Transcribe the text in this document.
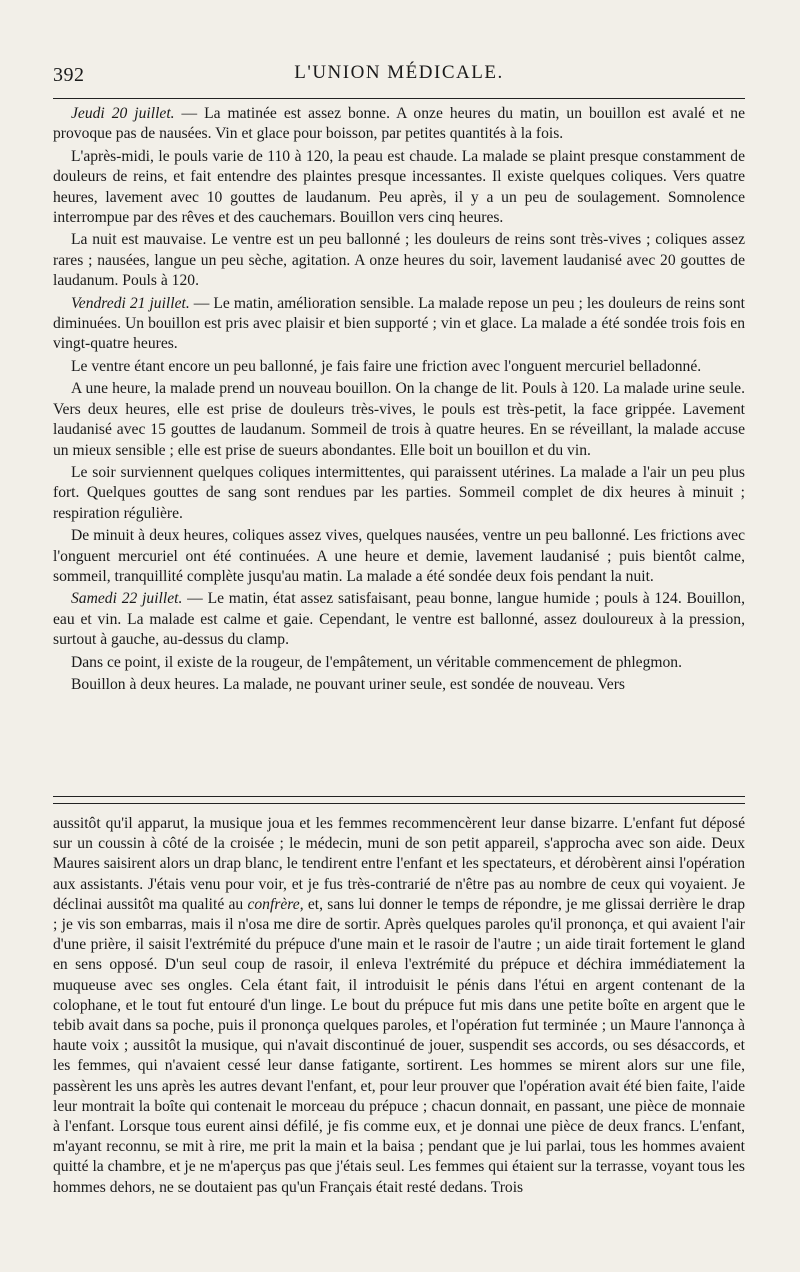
392	L'UNION MÉDICALE.

Jeudi 20 juillet. — La matinée est assez bonne. A onze heures du matin, un bouillon est avalé et ne provoque pas de nausées. Vin et glace pour boisson, par petites quantités à la fois.

L'après-midi, le pouls varie de 110 à 120, la peau est chaude. La malade se plaint presque constamment de douleurs de reins, et fait entendre des plaintes presque incessantes. Il existe quelques coliques. Vers quatre heures, lavement avec 10 gouttes de laudanum. Peu après, il y a un peu de soulagement. Somnolence interrompue par des rêves et des cauchemars. Bouillon vers cinq heures.

La nuit est mauvaise. Le ventre est un peu ballonné ; les douleurs de reins sont très-vives ; coliques assez rares ; nausées, langue un peu sèche, agitation. A onze heures du soir, lavement laudanisé avec 20 gouttes de laudanum. Pouls à 120.

Vendredi 21 juillet. — Le matin, amélioration sensible. La malade repose un peu ; les douleurs de reins sont diminuées. Un bouillon est pris avec plaisir et bien supporté ; vin et glace. La malade a été sondée trois fois en vingt-quatre heures.

Le ventre étant encore un peu ballonné, je fais faire une friction avec l'onguent mercuriel belladonné.

A une heure, la malade prend un nouveau bouillon. On la change de lit. Pouls à 120. La malade urine seule. Vers deux heures, elle est prise de douleurs très-vives, le pouls est très-petit, la face grippée. Lavement laudanisé avec 15 gouttes de laudanum. Sommeil de trois à quatre heures. En se réveillant, la malade accuse un mieux sensible ; elle est prise de sueurs abondantes. Elle boit un bouillon et du vin.

Le soir surviennent quelques coliques intermittentes, qui paraissent utérines. La malade a l'air un peu plus fort. Quelques gouttes de sang sont rendues par les parties. Sommeil complet de dix heures à minuit ; respiration régulière.

De minuit à deux heures, coliques assez vives, quelques nausées, ventre un peu ballonné. Les frictions avec l'onguent mercuriel ont été continuées. A une heure et demie, lavement laudanisé ; puis bientôt calme, sommeil, tranquillité complète jusqu'au matin. La malade a été sondée deux fois pendant la nuit.

Samedi 22 juillet. — Le matin, état assez satisfaisant, peau bonne, langue humide ; pouls à 124. Bouillon, eau et vin. La malade est calme et gaie. Cependant, le ventre est ballonné, assez douloureux à la pression, surtout à gauche, au-dessus du clamp.

Dans ce point, il existe de la rougeur, de l'empâtement, un véritable commencement de phlegmon.

Bouillon à deux heures. La malade, ne pouvant uriner seule, est sondée de nouveau. Vers

aussitôt qu'il apparut, la musique joua et les femmes recommencèrent leur danse bizarre. L'enfant fut déposé sur un coussin à côté de la croisée ; le médecin, muni de son petit appareil, s'approcha avec son aide. Deux Maures saisirent alors un drap blanc, le tendirent entre l'enfant et les spectateurs, et dérobèrent ainsi l'opération aux assistants. J'étais venu pour voir, et je fus très-contrarié de n'être pas au nombre de ceux qui voyaient. Je déclinai aussitôt ma qualité au confrère, et, sans lui donner le temps de répondre, je me glissai derrière le drap ; je vis son embarras, mais il n'osa me dire de sortir. Après quelques paroles qu'il prononça, et qui avaient l'air d'une prière, il saisit l'extrémité du prépuce d'une main et le rasoir de l'autre ; un aide tirait fortement le gland en sens opposé. D'un seul coup de rasoir, il enleva l'extrémité du prépuce et déchira immédiatement la muqueuse avec ses ongles. Cela étant fait, il introduisit le pénis dans l'étui en argent contenant de la colophane, et le tout fut entouré d'un linge. Le bout du prépuce fut mis dans une petite boîte en argent que le tebib avait dans sa poche, puis il prononça quelques paroles, et l'opération fut terminée ; un Maure l'annonça à haute voix ; aussitôt la musique, qui n'avait discontinué de jouer, suspendit ses accords, ou ses désaccords, et les femmes, qui n'avaient cessé leur danse fatigante, sortirent. Les hommes se mirent alors sur une file, passèrent les uns après les autres devant l'enfant, et, pour leur prouver que l'opération avait été bien faite, l'aide leur montrait la boîte qui contenait le morceau du prépuce ; chacun donnait, en passant, une pièce de monnaie à l'enfant. Lorsque tous eurent ainsi défilé, je fis comme eux, et je donnai une pièce de deux francs. L'enfant, m'ayant reconnu, se mit à rire, me prit la main et la baisa ; pendant que je lui parlai, tous les hommes avaient quitté la chambre, et je ne m'aperçus pas que j'étais seul. Les femmes qui étaient sur la terrasse, voyant tous les hommes dehors, ne se doutaient pas qu'un Français était resté dedans. Trois
